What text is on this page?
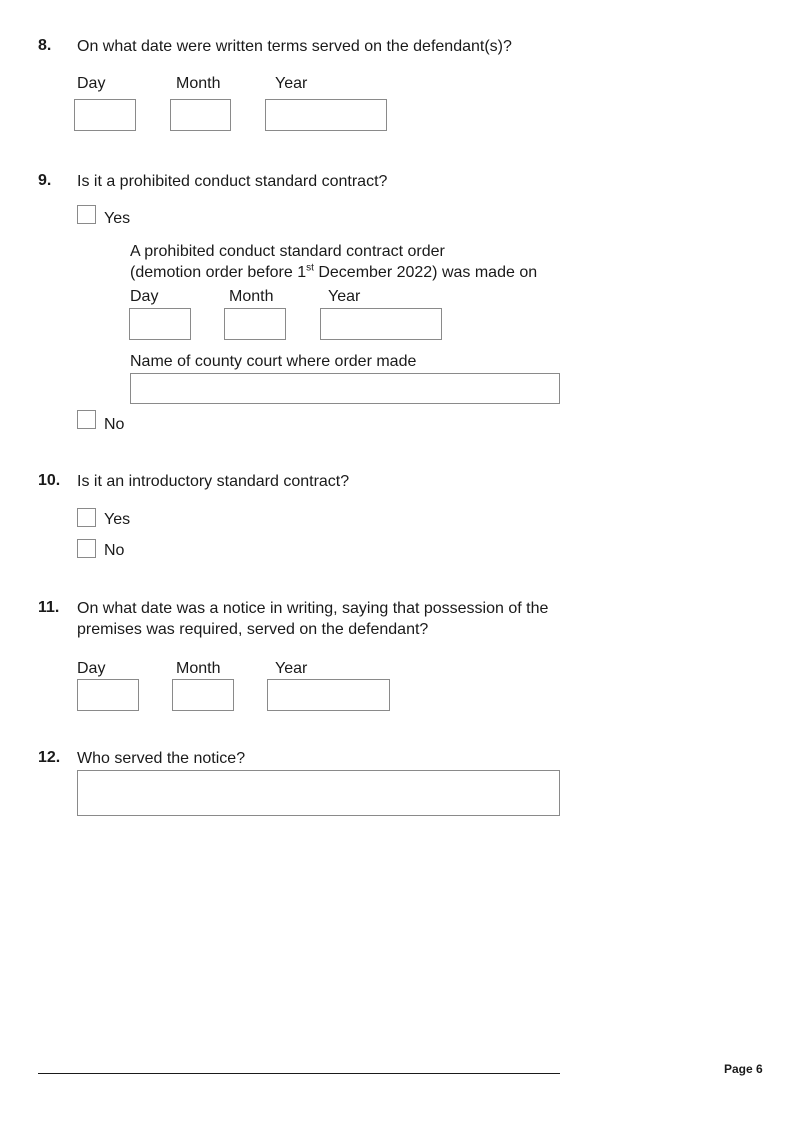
8. On what date were written terms served on the defendant(s)?
Day	Month	Year
9. Is it a prohibited conduct standard contract?
Yes
A prohibited conduct standard contract order
(demotion order before 1st December 2022) was made on
Day	Month	Year
Name of county court where order made
No
10. Is it an introductory standard contract?
Yes
No
11. On what date was a notice in writing, saying that possession of the
premises was required, served on the defendant?
Day	Month	Year
12. Who served the notice?
Page 6
